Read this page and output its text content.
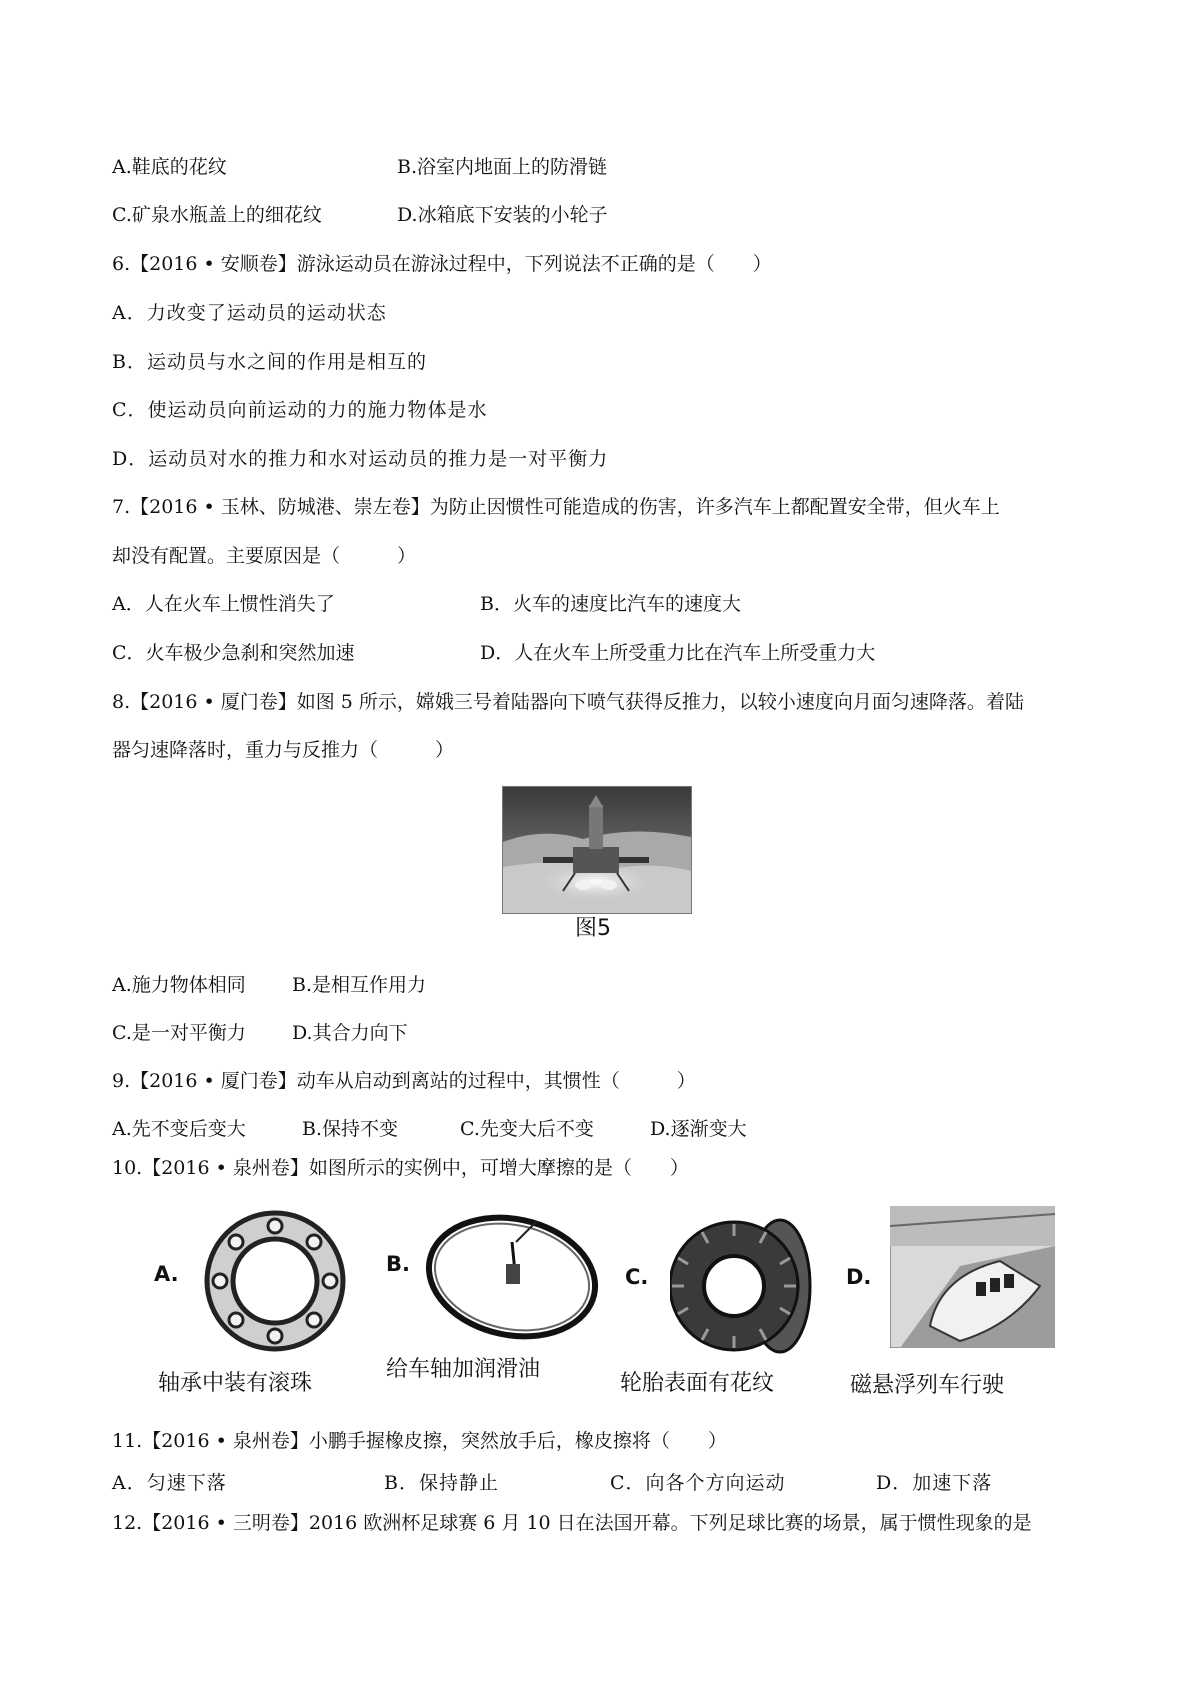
A.鞋底的花纹	B.浴室内地面上的防滑链
C.矿泉水瓶盖上的细花纹	D.冰箱底下安装的小轮子
6.【2016 • 安顺卷】游泳运动员在游泳过程中，下列说法不正确的是（　　）
A．力改变了运动员的运动状态
B．运动员与水之间的作用是相互的
C．使运动员向前运动的力的施力物体是水
D．运动员对水的推力和水对运动员的推力是一对平衡力
7.【2016 • 玉林、防城港、崇左卷】为防止因惯性可能造成的伤害，许多汽车上都配置安全带，但火车上
却没有配置。主要原因是（　　　）
A．人在火车上惯性消失了	B．火车的速度比汽车的速度大
C．火车极少急刹和突然加速	D．人在火车上所受重力比在汽车上所受重力大
8.【2016 • 厦门卷】如图 5 所示，嫦娥三号着陆器向下喷气获得反推力，以较小速度向月面匀速降落。着陆
器匀速降落时，重力与反推力（　　　）
图5
A.施力物体相同 B.是相互作用力
C.是一对平衡力 D.其合力向下
9.【2016 • 厦门卷】动车从启动到离站的过程中，其惯性（　　　）
A.先不变后变大	B.保持不变	C.先变大后不变	D.逐渐变大
10.【2016 • 泉州卷】如图所示的实例中，可增大摩擦的是（　　）
A.
轴承中装有滚珠
B.
给车轴加润滑油
C.
轮胎表面有花纹
D.
磁悬浮列车行驶
11.【2016 • 泉州卷】小鹏手握橡皮擦，突然放手后，橡皮擦将（　　）
A．匀速下落	B．保持静止	C．向各个方向运动	D．加速下落
12.【2016 • 三明卷】2016 欧洲杯足球赛 6 月 10 日在法国开幕。下列足球比赛的场景，属于惯性现象的是
